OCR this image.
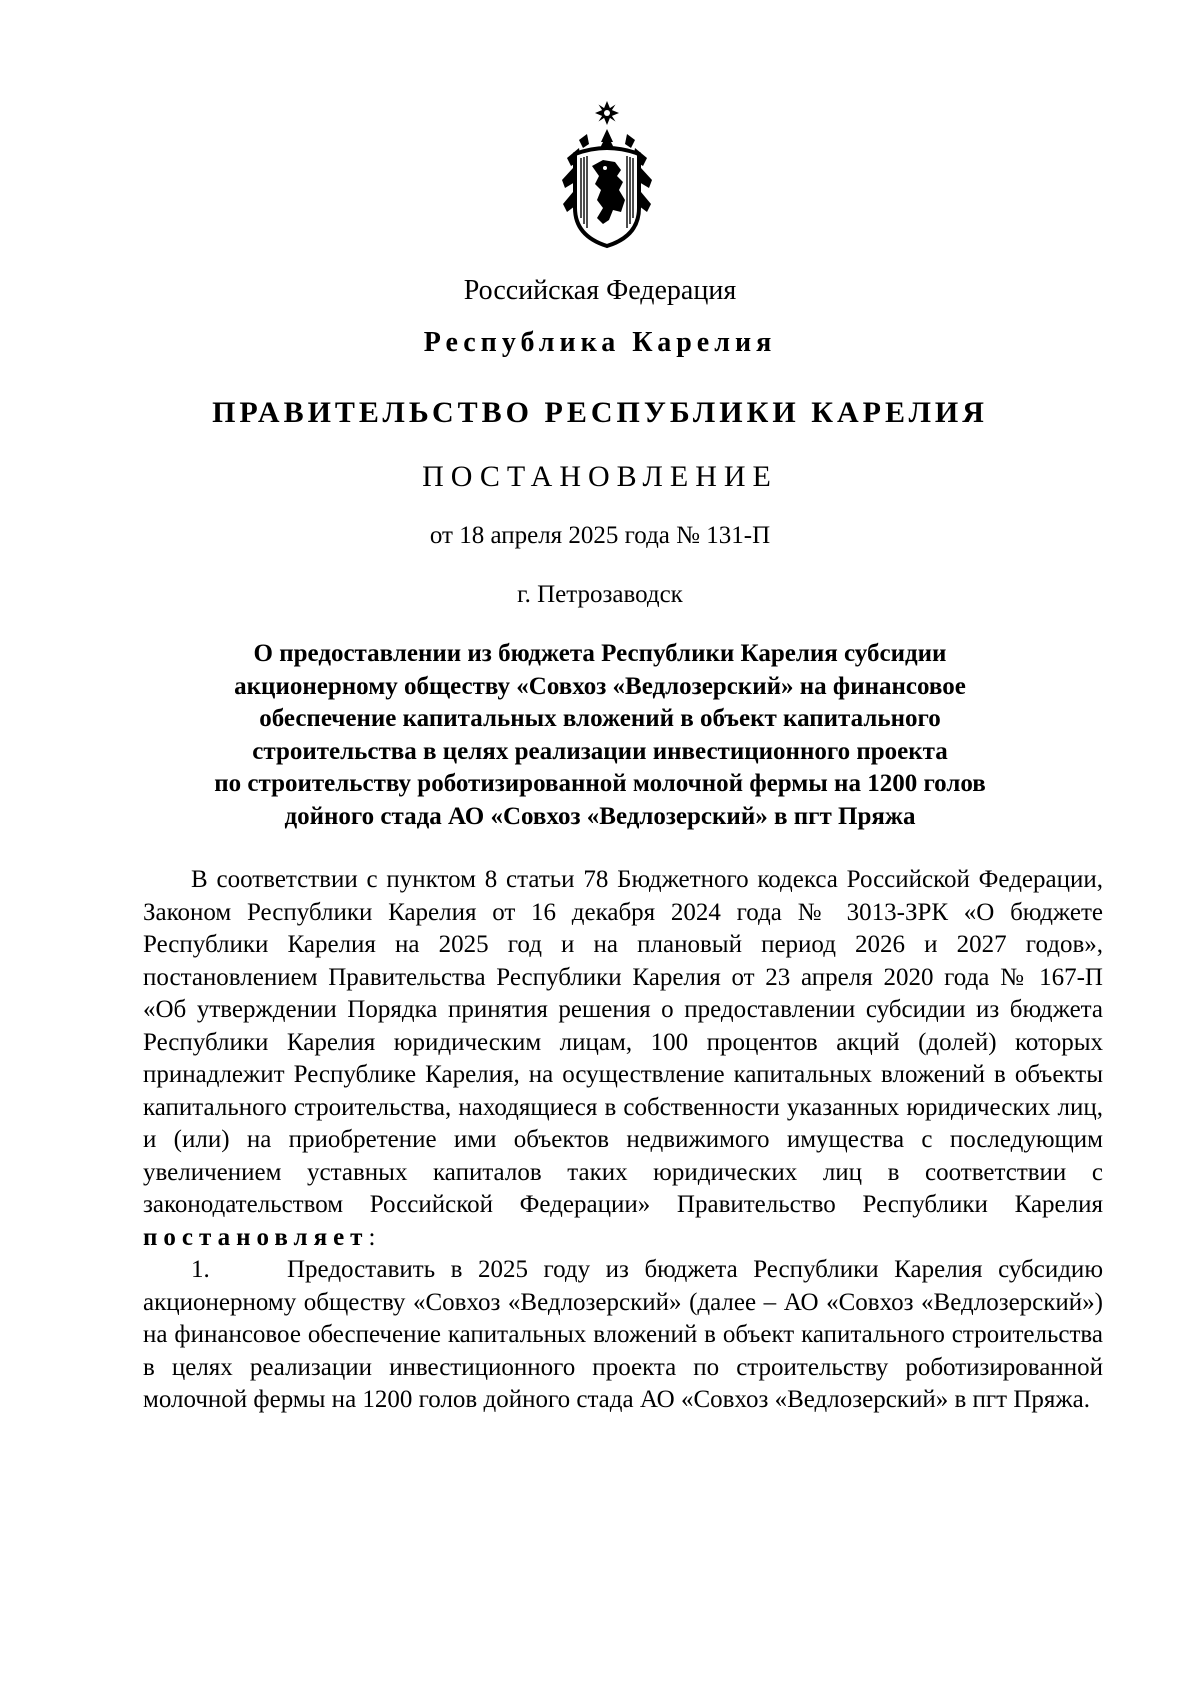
Российская Федерация
Республика Карелия
ПРАВИТЕЛЬСТВО РЕСПУБЛИКИ КАРЕЛИЯ
ПОСТАНОВЛЕНИЕ
от 18 апреля 2025 года № 131-П
г. Петрозаводск
О предоставлении из бюджета Республики Карелия субсидии
акционерному обществу «Совхоз «Ведлозерский» на финансовое
обеспечение капитальных вложений в объект капитального
строительства в целях реализации инвестиционного проекта
по строительству роботизированной молочной фермы на 1200 голов
дойного стада АО «Совхоз «Ведлозерский» в пгт Пряжа

В соответствии с пунктом 8 статьи 78 Бюджетного кодекса Российской Федерации, Законом Республики Карелия от 16 декабря 2024 года № 3013-ЗРК «О бюджете Республики Карелия на 2025 год и на плановый период 2026 и 2027 годов», постановлением Правительства Республики Карелия от 23 апреля 2020 года № 167-П «Об утверждении Порядка принятия решения о предоставлении субсидии из бюджета Республики Карелия юридическим лицам, 100 процентов акций (долей) которых принадлежит Республике Карелия, на осуществление капитальных вложений в объекты капитального строительства, находящиеся в собственности указанных юридических лиц, и (или) на приобретение ими объектов недвижимого имущества с последующим увеличением уставных капиталов таких юридических лиц в соответствии с законодательством Российской Федерации» Правительство Республики Карелия постановляет:

1.	Предоставить в 2025 году из бюджета Республики Карелия субсидию акционерному обществу «Совхоз «Ведлозерский» (далее – АО «Совхоз «Ведлозерский») на финансовое обеспечение капитальных вложений в объект капитального строительства в целях реализации инвестиционного проекта по строительству роботизированной молочной фермы на 1200 голов дойного стада АО «Совхоз «Ведлозерский» в пгт Пряжа.
